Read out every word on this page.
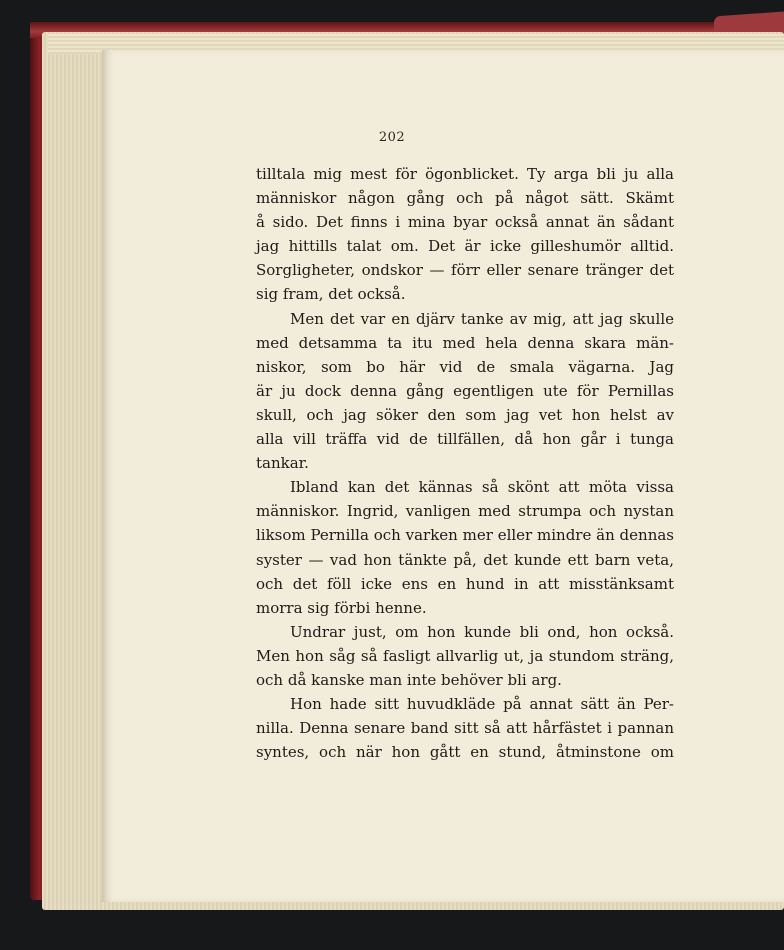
202
tilltala mig mest för ögonblicket. Ty arga bli ju alla
människor någon gång och på något sätt. Skämt
å sido. Det finns i mina byar också annat än sådant
jag hittills talat om. Det är icke gilleshumör alltid.
Sorgligheter, ondskor — förr eller senare tränger det
sig fram, det också.
Men det var en djärv tanke av mig, att jag skulle
med detsamma ta itu med hela denna skara män-
niskor, som bo här vid de smala vägarna. Jag
är ju dock denna gång egentligen ute för Pernillas
skull, och jag söker den som jag vet hon helst av
alla vill träffa vid de tillfällen, då hon går i tunga
tankar.
Ibland kan det kännas så skönt att möta vissa
människor. Ingrid, vanligen med strumpa och nystan
liksom Pernilla och varken mer eller mindre än dennas
syster — vad hon tänkte på, det kunde ett barn veta,
och det föll icke ens en hund in att misstänksamt
morra sig förbi henne.
Undrar just, om hon kunde bli ond, hon också.
Men hon såg så fasligt allvarlig ut, ja stundom sträng,
och då kanske man inte behöver bli arg.
Hon hade sitt huvudkläde på annat sätt än Per-
nilla. Denna senare band sitt så att hårfästet i pannan
syntes, och när hon gått en stund, åtminstone om
